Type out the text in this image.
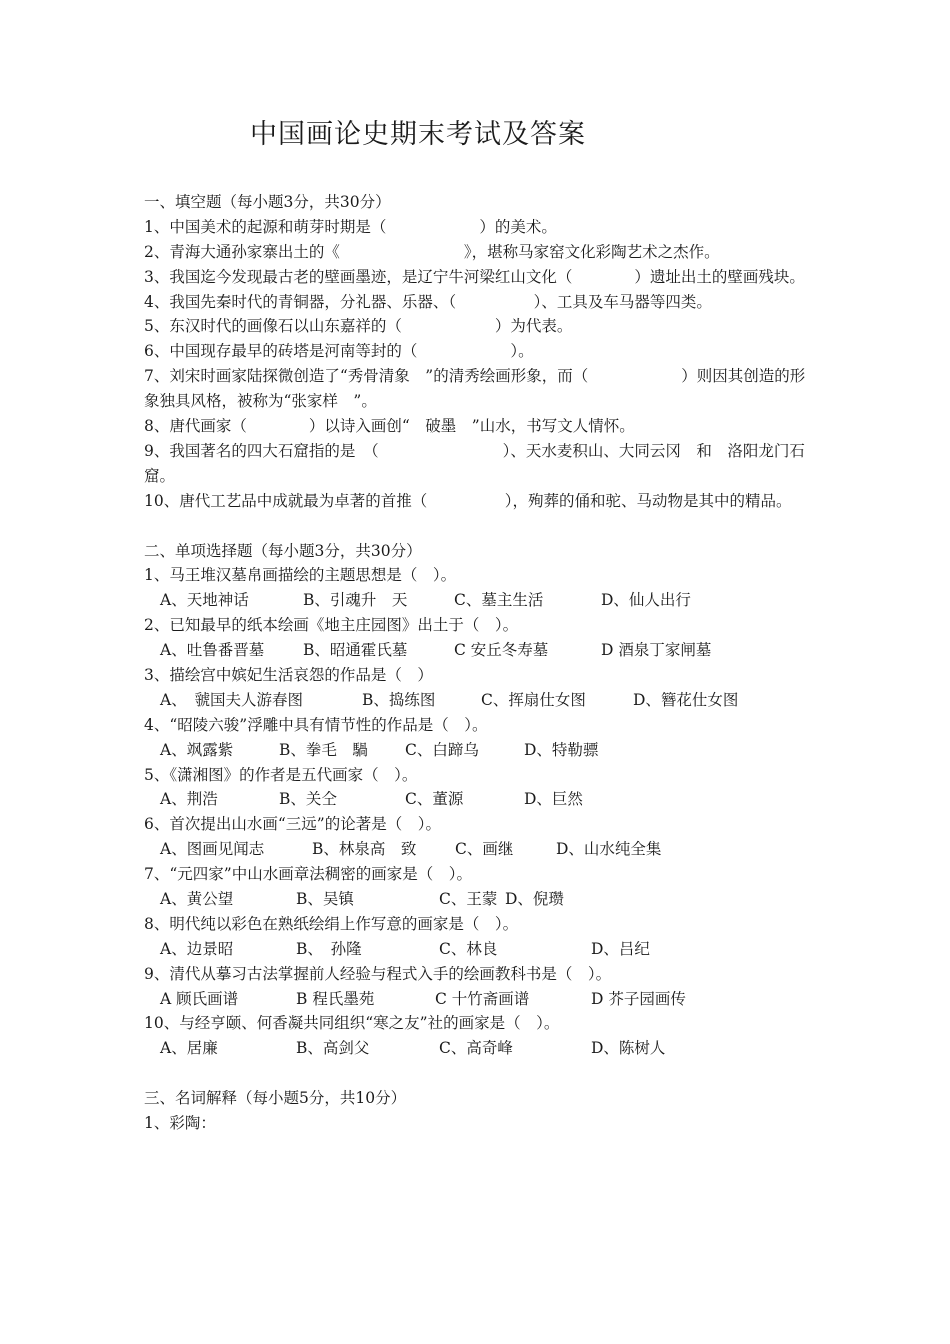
中国画论史期末考试及答案
一、填空题（每小题3分，共30分）
1、中国美术的起源和萌芽时期是（　　　　　　）的美术。
2、青海大通孙家寨出土的《　　　　　　　　》，堪称马家窑文化彩陶艺术之杰作。
3、我国迄今发现最古老的壁画墨迹，是辽宁牛河梁红山文化（　　　　）遗址出土的壁画残块。
4、我国先秦时代的青铜器，分礼器、乐器、（　　　　　）、工具及车马器等四类。
5、东汉时代的画像石以山东嘉祥的（　　　　　　）为代表。
6、中国现存最早的砖塔是河南等封的（　　　　　　）。
7、刘宋时画家陆探微创造了“秀骨清象　”的清秀绘画形象，而（　　　　　　）则因其创造的形象独具风格，被称为“张家样　”。
8、唐代画家（　　　　）以诗入画创“　破墨　”山水，书写文人情怀。
9、我国著名的四大石窟指的是　（　　　　　　　　）、天水麦积山、大同云冈　和　洛阳龙门石窟。
10、唐代工艺品中成就最为卓著的首推（　　　　　），殉葬的俑和驼、马动物是其中的精品。
二、单项选择题（每小题3分，共30分）
1、马王堆汉墓帛画描绘的主题思想是（　）。
A、天地神话	B、引魂升　天	C、墓主生活	D、仙人出行
2、已知最早的纸本绘画《地主庄园图》出土于（　）。
A、吐鲁番晋墓	B、昭通霍氏墓	C 安丘冬寿墓	D 酒泉丁家闸墓
3、描绘宫中嫔妃生活哀怨的作品是（　）
A、　虢国夫人游春图	B、捣练图	C、挥扇仕女图	D、簪花仕女图
4、“昭陵六骏”浮雕中具有情节性的作品是（　）。
A、飒露紫	B、拳毛　騧	C、白蹄乌	D、特勒骠
5、《潇湘图》的作者是五代画家（　）。
A、荆浩	B、关仝	C、董源	D、巨然
6、首次提出山水画“三远”的论著是（　）。
A、图画见闻志	B、林泉高　致	C、画继	D、山水纯全集
7、“元四家”中山水画章法稠密的画家是（　）。
A、黄公望	B、吴镇	C、王蒙 D、倪瓒
8、明代纯以彩色在熟纸绘绢上作写意的画家是（　）。
A、边景昭	B、　孙隆	C、林良	D、吕纪
9、清代从摹习古法掌握前人经验与程式入手的绘画教科书是（　）。
A 顾氏画谱	B 程氏墨苑	C 十竹斋画谱	D 芥子园画传
10、与经亨颐、何香凝共同组织“寒之友”社的画家是（　）。
A、居廉	B、高剑父	C、高奇峰	D、陈树人
三、名词解释（每小题5分，共10分）
1、彩陶：
